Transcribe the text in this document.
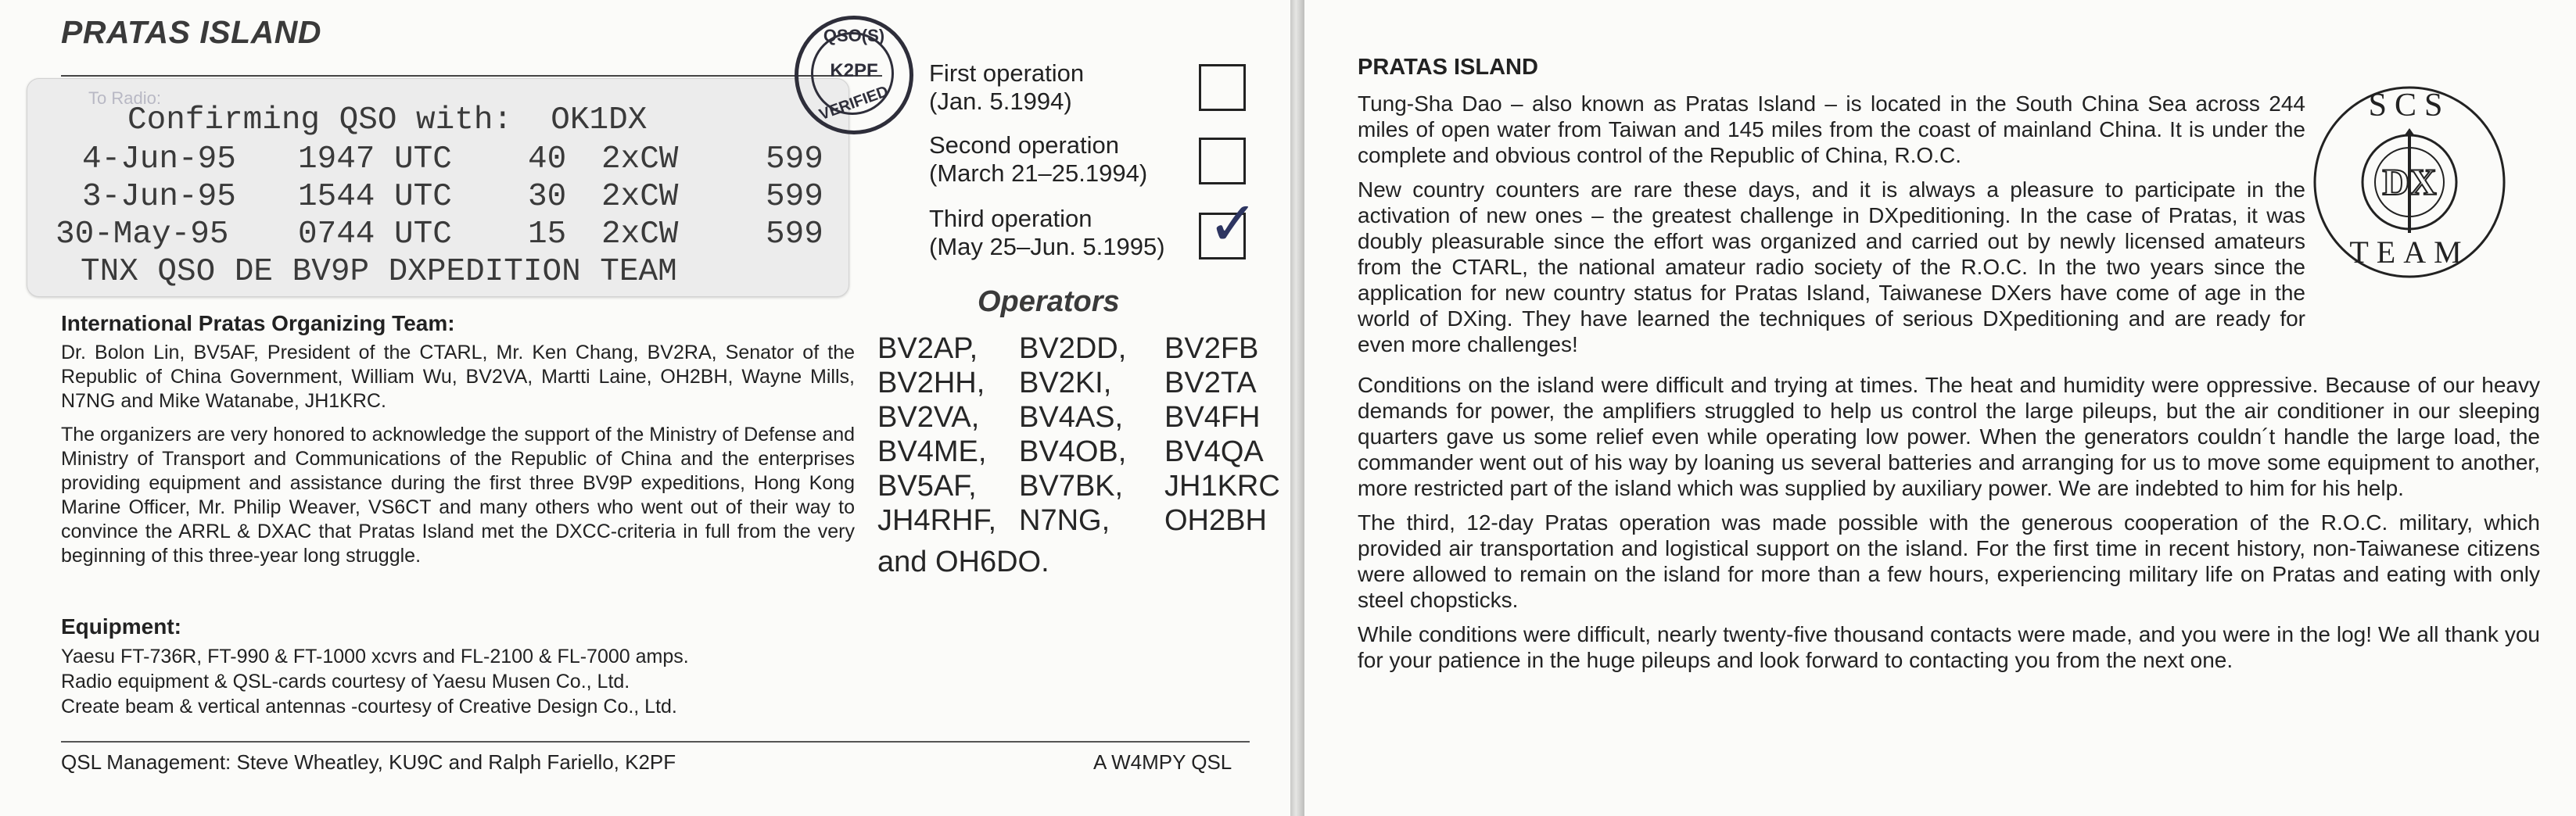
PRATAS ISLAND
To Radio:
Confirming QSO with:  OK1DX
4-Jun-95 1947 UTC 40 2xCW	599
3-Jun-95 1544 UTC 30 2xCW	599
30-May-95 0744 UTC 15 2xCW	599
TNX QSO DE BV9P DXPEDITION TEAM
QSO(S)
K2PF
VERIFIED
First operation
(Jan. 5.1994)
Second operation
(March 21–25.1994)
Third operation
(May 25–Jun. 5.1995) ✓
Operators
BV2AP,	BV2DD,	BV2FB
BV2HH,	BV2KI,	BV2TA
BV2VA,	BV4AS,	BV4FH
BV4ME,	BV4OB,	BV4QA
BV5AF,	BV7BK,	JH1KRC
JH4RHF, N7NG,	OH2BH
and OH6DO.
International Pratas Organizing Team:

Dr. Bolon Lin, BV5AF, President of the CTARL, Mr. Ken Chang, BV2RA, Senator of the Republic of China Government, William Wu, BV2VA, Martti Laine, OH2BH, Wayne Mills, N7NG and Mike Watanabe, JH1KRC.

The organizers are very honored to acknowledge the support of the Ministry of Defense and Ministry of Transport and Communications of the Republic of China and the enterprises providing equipment and assistance during the first three BV9P expeditions, Hong Kong Marine Officer, Mr. Philip Weaver, VS6CT and many others who went out of their way to convince the ARRL & DXAC that Pratas Island met the DXCC-criteria in full from the very beginning of this three-year long struggle.

Equipment:

Yaesu FT-736R, FT-990 & FT-1000 xcvrs and FL-2100 & FL-7000 amps.

Radio equipment & QSL-cards courtesy of Yaesu Musen Co., Ltd.

Create beam & vertical antennas -courtesy of Creative Design Co., Ltd.

QSL Management: Steve Wheatley, KU9C and Ralph Fariello, K2PF	A W4MPY QSL
PRATAS ISLAND

Tung-Sha Dao – also known as Pratas Island – is located in the South China Sea across 244 miles of open water from Taiwan and 145 miles from the coast of mainland China. It is under the complete and obvious control of the Republic of China, R.O.C.

New country counters are rare these days, and it is always a pleasure to participate in the activation of new ones – the greatest challenge in DXpeditioning. In the case of Pratas, it was doubly pleasurable since the effort was organized and carried out by newly licensed amateurs from the CTARL, the national amateur radio society of the R.O.C. In the two years since the application for new country status for Pratas Island, Taiwanese DXers have come of age in the world of DXing. They have learned the techniques of serious DXpeditioning and are ready for even more challenges!

Conditions on the island were difficult and trying at times. The heat and humidity were oppressive. Because of our heavy demands for power, the amplifiers struggled to help us control the large pileups, but the air conditioner in our sleeping quarters gave us some relief even while operating low power. When the generators couldn´t handle the large load, the commander went out of his way by loaning us several batteries and arranging for us to move some equipment to another, more restricted part of the island which was supplied by auxiliary power. We are indebted to him for his help.

The third, 12-day Pratas operation was made possible with the generous cooperation of the R.O.C. military, which provided air transportation and logistical support on the island. For the first time in recent history, non-Taiwanese citizens were allowed to remain on the island for more than a few hours, experiencing military life on Pratas and eating with only steel chopsticks.

While conditions were difficult, nearly twenty-five thousand contacts were made, and you were in the log! We all thank you for your patience in the huge pileups and look forward to contacting you from the next one.

SCS
DX
TEAM
